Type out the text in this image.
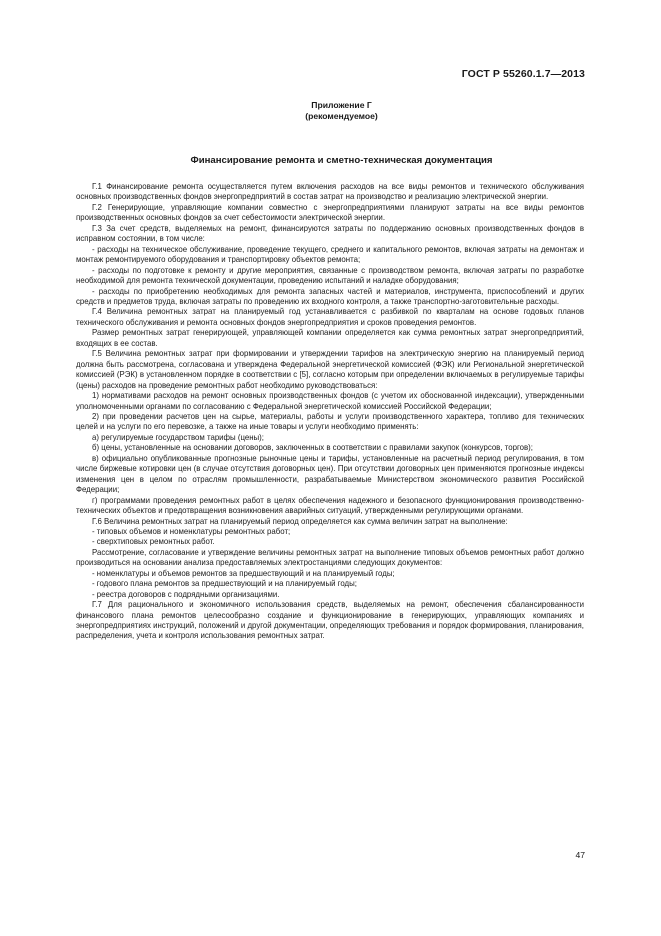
ГОСТ Р 55260.1.7—2013
Приложение Г
(рекомендуемое)
Финансирование ремонта и сметно-техническая документация

Г.1 Финансирование ремонта осуществляется путем включения расходов на все виды ремонтов и технического обслуживания основных производственных фондов энергопредприятий в состав затрат на производство и реализацию электрической энергии.

Г.2 Генерирующие, управляющие компании совместно с энергопредприятиями планируют затраты на все виды ремонтов производственных основных фондов за счет себестоимости электрической энергии.

Г.3 За счет средств, выделяемых на ремонт, финансируются затраты по поддержанию основных производственных фондов в исправном состоянии, в том числе:

- расходы на техническое обслуживание, проведение текущего, среднего и капитального ремонтов, включая затраты на демонтаж и монтаж ремонтируемого оборудования и транспортировку объектов ремонта;

- расходы по подготовке к ремонту и другие мероприятия, связанные с производством ремонта, включая затраты по разработке необходимой для ремонта технической документации, проведению испытаний и наладке оборудования;

- расходы по приобретению необходимых для ремонта запасных частей и материалов, инструмента, приспособлений и других средств и предметов труда, включая затраты по проведению их входного контроля, а также транспортно-заготовительные расходы.

Г.4 Величина ремонтных затрат на планируемый год устанавливается с разбивкой по кварталам на основе годовых планов технического обслуживания и ремонта основных фондов энергопредприятия и сроков проведения ремонтов.

Размер ремонтных затрат генерирующей, управляющей компании определяется как сумма ремонтных затрат энергопредприятий, входящих в ее состав.

Г.5 Величина ремонтных затрат при формировании и утверждении тарифов на электрическую энергию на планируемый период должна быть рассмотрена, согласована и утверждена Федеральной энергетической комиссией (ФЭК) или Региональной энергетической комиссией (РЭК) в установленном порядке в соответствии с [5], согласно которым при определении включаемых в регулируемые тарифы (цены) расходов на проведение ремонтных работ необходимо руководствоваться:

1) нормативами расходов на ремонт основных производственных фондов (с учетом их обоснованной индексации), утвержденными уполномоченными органами по согласованию с Федеральной энергетической комиссией Российской Федерации;

2) при проведении расчетов цен на сырье, материалы, работы и услуги производственного характера, топливо для технических целей и на услуги по его перевозке, а также на иные товары и услуги необходимо применять:

а) регулируемые государством тарифы (цены);

б) цены, установленные на основании договоров, заключенных в соответствии с правилами закупок (конкурсов, торгов);

в) официально опубликованные прогнозные рыночные цены и тарифы, установленные на расчетный период регулирования, в том числе биржевые котировки цен (в случае отсутствия договорных цен). При отсутствии договорных цен применяются прогнозные индексы изменения цен в целом по отраслям промышленности, разрабатываемые Министерством экономического развития Российской Федерации;

г) программами проведения ремонтных работ в целях обеспечения надежного и безопасного функционирования производственно-технических объектов и предотвращения возникновения аварийных ситуаций, утвержденными регулирующими органами.

Г.6 Величина ремонтных затрат на планируемый период определяется как сумма величин затрат на выполнение:

- типовых объемов и номенклатуры ремонтных работ;

- сверхтиповых ремонтных работ.

Рассмотрение, согласование и утверждение величины ремонтных затрат на выполнение типовых объемов ремонтных работ должно производиться на основании анализа предоставляемых электростанциями следующих документов:

- номенклатуры и объемов ремонтов за предшествующий и на планируемый годы;

- годового плана ремонтов за предшествующий и на планируемый годы;

- реестра договоров с подрядными организациями.

Г.7 Для рационального и экономичного использования средств, выделяемых на ремонт, обеспечения сбалансированности финансового плана ремонтов целесообразно создание и функционирование в генерирующих, управляющих компаниях и энергопредприятиях инструкций, положений и другой документации, определяющих требования и порядок формирования, планирования, распределения, учета и контроля использования ремонтных затрат.

47
